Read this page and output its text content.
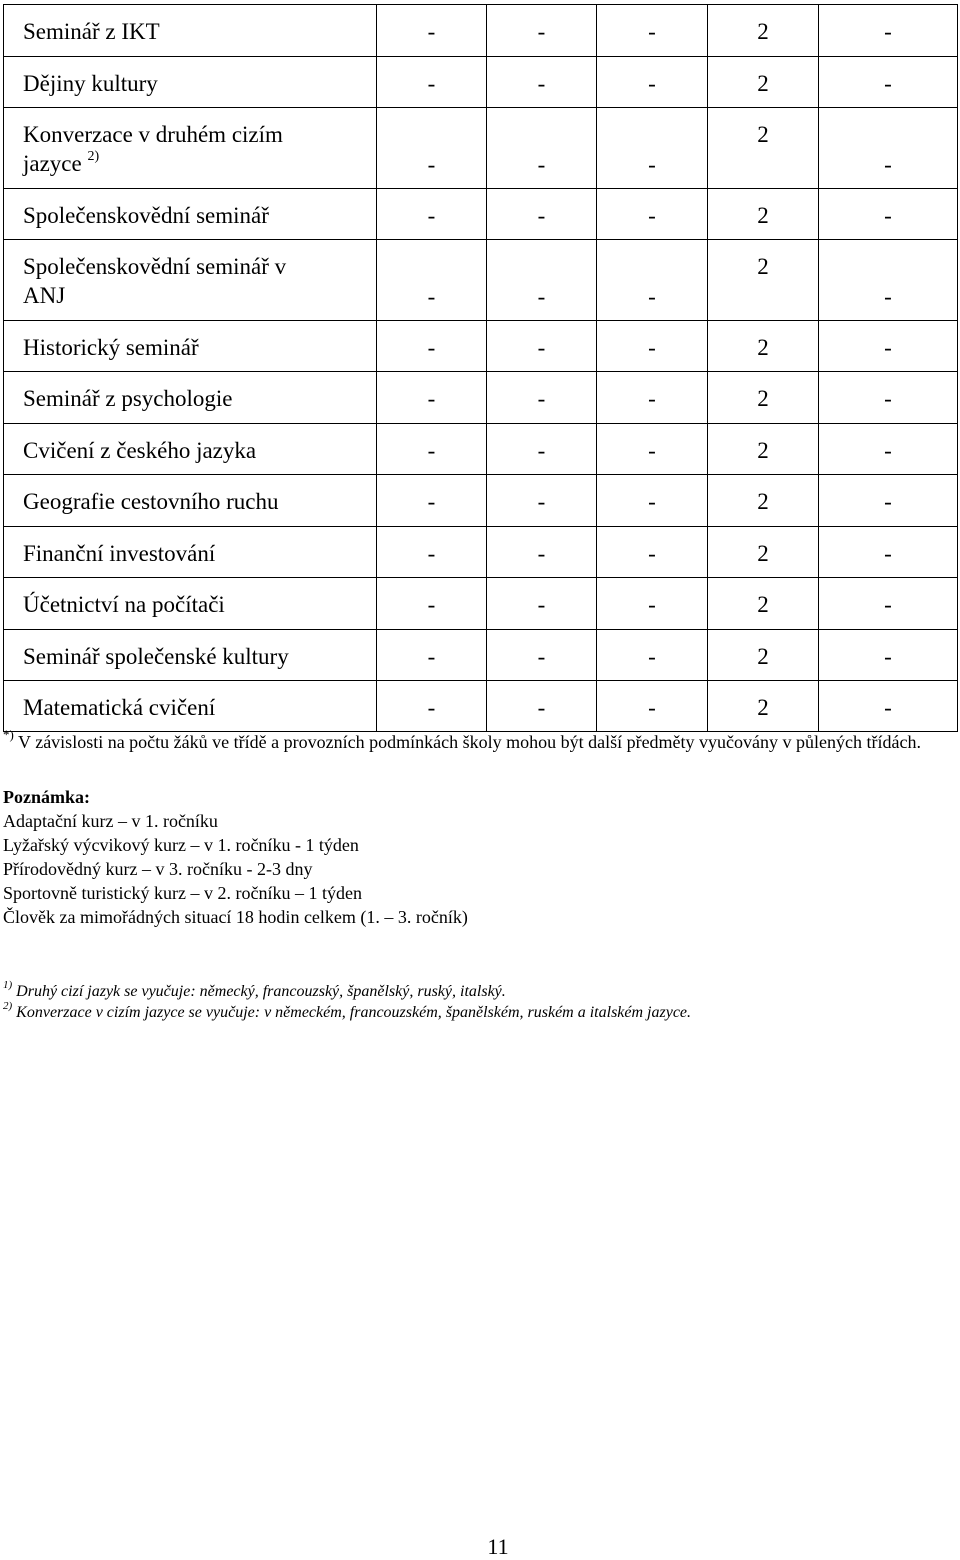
Seminář z IKT	-	-	-	2	-
Dějiny kultury	-	-	-	2	-
Konverzace v druhém cizím
jazyce $^{2)}$	-	-	-	2	-
Společenskovědní seminář	-	-	-	2	-
Společenskovědní seminář v
ANJ	-	-	-	2	-
Historický seminář	-	-	-	2	-
Seminář z psychologie	-	-	-	2	-
Cvičení z českého jazyka	-	-	-	2	-
Geografie cestovního ruchu	-	-	-	2	-
Finanční investování	-	-	-	2	-
Účetnictví na počítači	-	-	-	2	-
Seminář společenské kultury	-	-	-	2	-
Matematická cvičení	-	-	-	2	-
*) V závislosti na počtu žáků ve třídě a provozních podmínkách školy mohou být další předměty vyučovány v půlených třídách.
Poznámka:
Adaptační kurz – v 1. ročníku
Lyžařský výcvikový kurz – v 1. ročníku - 1 týden
Přírodovědný kurz – v 3. ročníku - 2-3 dny
Sportovně turistický kurz – v 2. ročníku – 1 týden
Člověk za mimořádných situací 18 hodin celkem (1. – 3. ročník)
$^{1)}$ Druhý cizí jazyk se vyučuje: německý, francouzský, španělský, ruský, italský.
$^{2)}$ Konverzace v cizím jazyce se vyučuje: v německém, francouzském, španělském, ruském a italském jazyce.
11
